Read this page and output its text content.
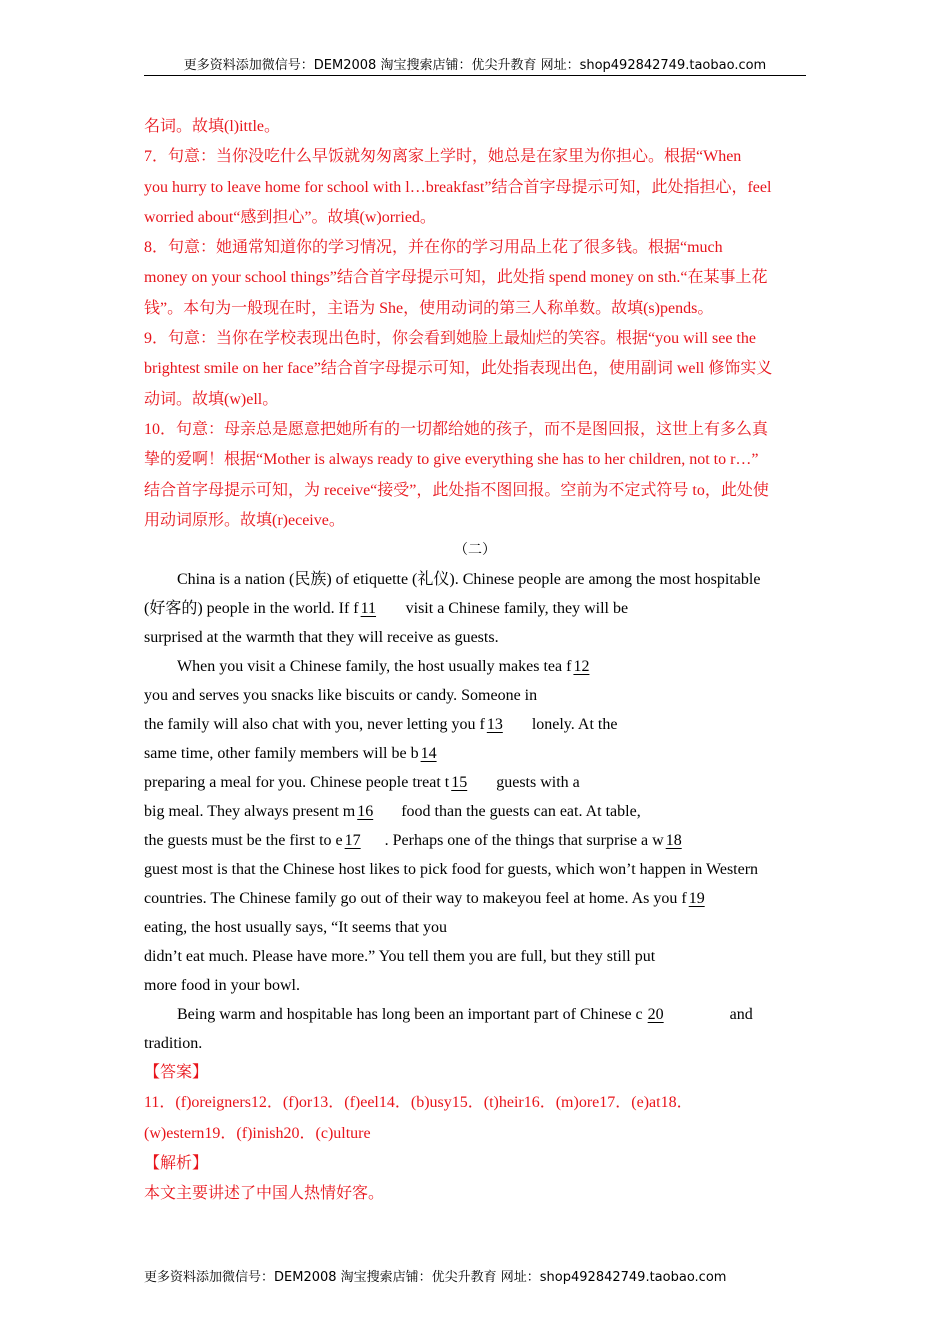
更多资料添加微信号：DEM2008 淘宝搜索店铺：优尖升教育 网址：shop492842749.taobao.com

名词。故填(l)ittle。

7．句意：当你没吃什么早饭就匆匆离家上学时，她总是在家里为你担心。根据“When

you hurry to leave home for school with l…breakfast”结合首字母提示可知，此处指担心，feel

worried about“感到担心”。故填(w)orried。

8．句意：她通常知道你的学习情况，并在你的学习用品上花了很多钱。根据“much

money on your school things”结合首字母提示可知，此处指 spend money on sth.“在某事上花

钱”。本句为一般现在时，主语为 She，使用动词的第三人称单数。故填(s)pends。

9．句意：当你在学校表现出色时，你会看到她脸上最灿烂的笑容。根据“you will see the

brightest smile on her face”结合首字母提示可知，此处指表现出色，使用副词 well 修饰实义

动词。故填(w)ell。

10．句意：母亲总是愿意把她所有的一切都给她的孩子，而不是图回报，这世上有多么真

挚的爱啊！根据“Mother is always ready to give everything she has to her children, not to r…”

结合首字母提示可知，为 receive“接受”，此处指不图回报。空前为不定式符号 to，此处使

用动词原形。故填(r)eceive。

（二）

China is a nation (民族) of etiquette (礼仪). Chinese people are among the most hospitable

(好客的) people in the world. If f 11 visit a Chinese family, they will be

surprised at the warmth that they will receive as guests.

When you visit a Chinese family, the host usually makes tea f 12

you and serves you snacks like biscuits or candy. Someone in

the family will also chat with you, never letting you f 13 lonely. At the

same time, other family members will be b 14

preparing a meal for you. Chinese people treat t 15 guests with a

big meal. They always present m 16 food than the guests can eat. At table,

the guests must be the first to e 17 . Perhaps one of the things that surprise a w 18

guest most is that the Chinese host likes to pick food for guests, which won’t happen in Western

countries. The Chinese family go out of their way to makeyou feel at home. As you f 19

eating, the host usually says, “It seems that you

didn’t eat much. Please have more.” You tell them you are full, but they still put

more food in your bowl.

Being warm and hospitable has long been an important part of Chinese c 20	and

tradition.

【答案】

11．(f)oreigners12．(f)or13．(f)eel14．(b)usy15．(t)heir16．(m)ore17．(e)at18．

(w)estern19．(f)inish20．(c)ulture

【解析】

本文主要讲述了中国人热情好客。

更多资料添加微信号：DEM2008 淘宝搜索店铺：优尖升教育 网址：shop492842749.taobao.com
